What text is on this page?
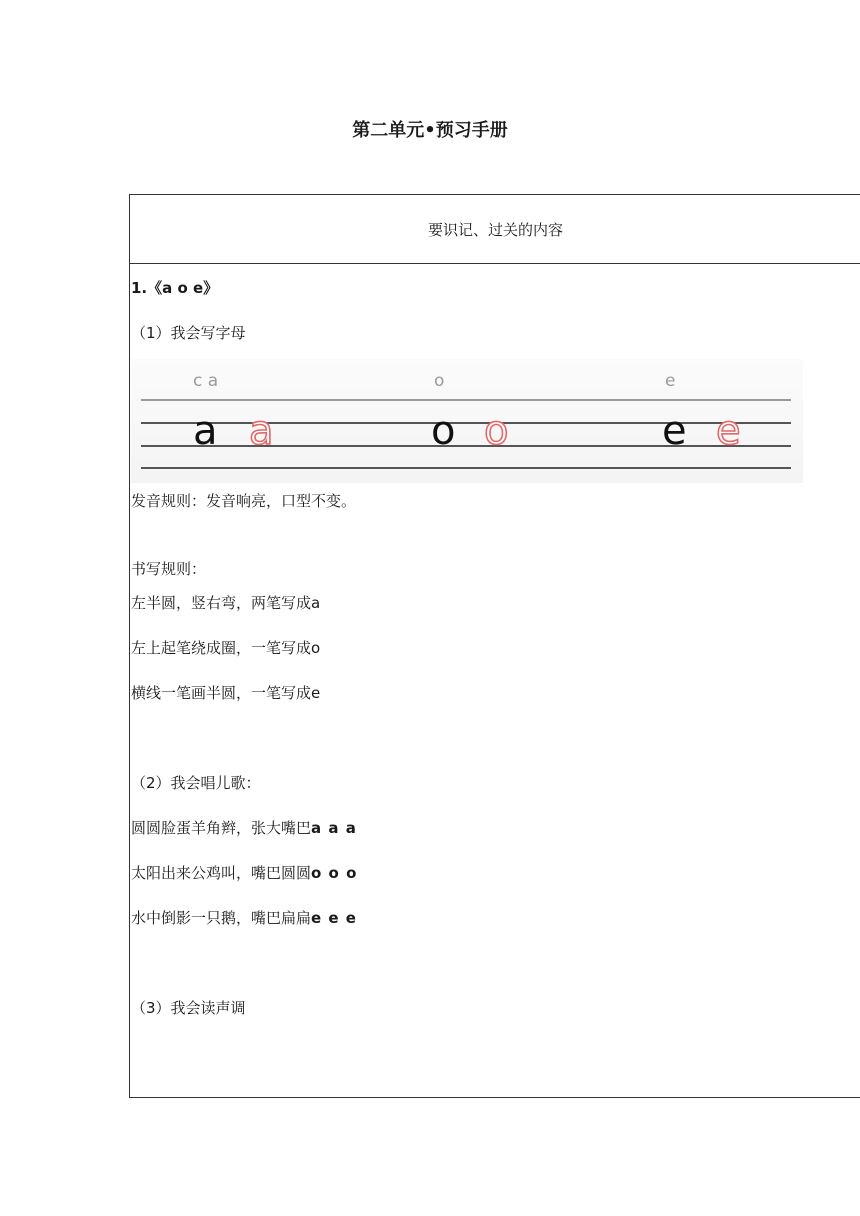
第二单元•预习手册
要识记、过关的内容
1.《a o e》
（1）我会写字母
c a	o	e
a a	o o	e e
发音规则：发音响亮，口型不变。
书写规则：
左半圆，竖右弯，两笔写成a
左上起笔绕成圈，一笔写成o
横线一笔画半圆，一笔写成e
（2）我会唱儿歌：
圆圆脸蛋羊角辫，张大嘴巴a a a
太阳出来公鸡叫，嘴巴圆圆o o o
水中倒影一只鹅，嘴巴扁扁e e e
（3）我会读声调
